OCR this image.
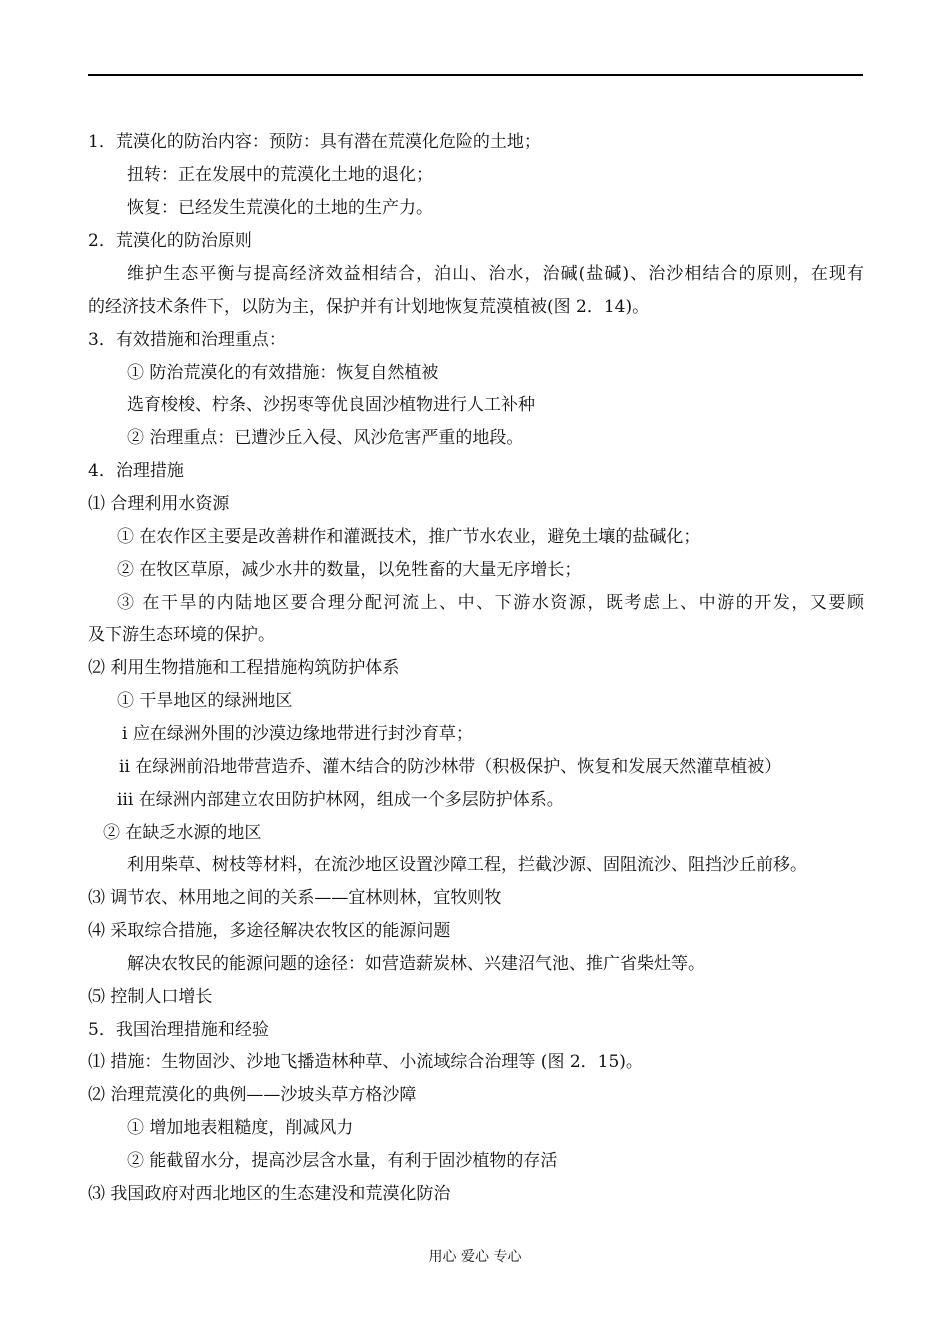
1．荒漠化的防治内容：预防：具有潜在荒漠化危险的土地；
扭转：正在发展中的荒漠化土地的退化；
恢复：已经发生荒漠化的土地的生产力。
2．荒漠化的防治原则
维护生态平衡与提高经济效益相结合，泊山、治水，治碱(盐碱)、治沙相结合的原则，在现有
的经济技术条件下，以防为主，保护并有计划地恢复荒漠植被(图 2．14)。
3．有效措施和治理重点：
① 防治荒漠化的有效措施：恢复自然植被
选育梭梭、柠条、沙拐枣等优良固沙植物进行人工补种
② 治理重点：已遭沙丘入侵、风沙危害严重的地段。
4．治理措施
⑴ 合理利用水资源
① 在农作区主要是改善耕作和灌溉技术，推广节水农业，避免土壤的盐碱化；
② 在牧区草原，减少水井的数量，以免牲畜的大量无序增长；
③ 在干旱的内陆地区要合理分配河流上、中、下游水资源，既考虑上、中游的开发，又要顾
及下游生态环境的保护。
⑵ 利用生物措施和工程措施构筑防护体系
① 干旱地区的绿洲地区
ⅰ 应在绿洲外围的沙漠边缘地带进行封沙育草；
ⅱ 在绿洲前沿地带营造乔、灌木结合的防沙林带（积极保护、恢复和发展天然灌草植被）
ⅲ 在绿洲内部建立农田防护林网，组成一个多层防护体系。
② 在缺乏水源的地区
利用柴草、树枝等材料，在流沙地区设置沙障工程，拦截沙源、固阻流沙、阻挡沙丘前移。
⑶ 调节农、林用地之间的关系——宜林则林，宜牧则牧
⑷ 采取综合措施，多途径解决农牧区的能源问题
解决农牧民的能源问题的途径：如营造薪炭林、兴建沼气池、推广省柴灶等。
⑸ 控制人口增长
5．我国治理措施和经验
⑴ 措施：生物固沙、沙地飞播造林种草、小流域综合治理等 (图 2．15)。
⑵ 治理荒漠化的典例——沙坡头草方格沙障
① 增加地表粗糙度，削减风力
② 能截留水分，提高沙层含水量，有利于固沙植物的存活
⑶ 我国政府对西北地区的生态建没和荒漠化防治
用心 爱心 专心
